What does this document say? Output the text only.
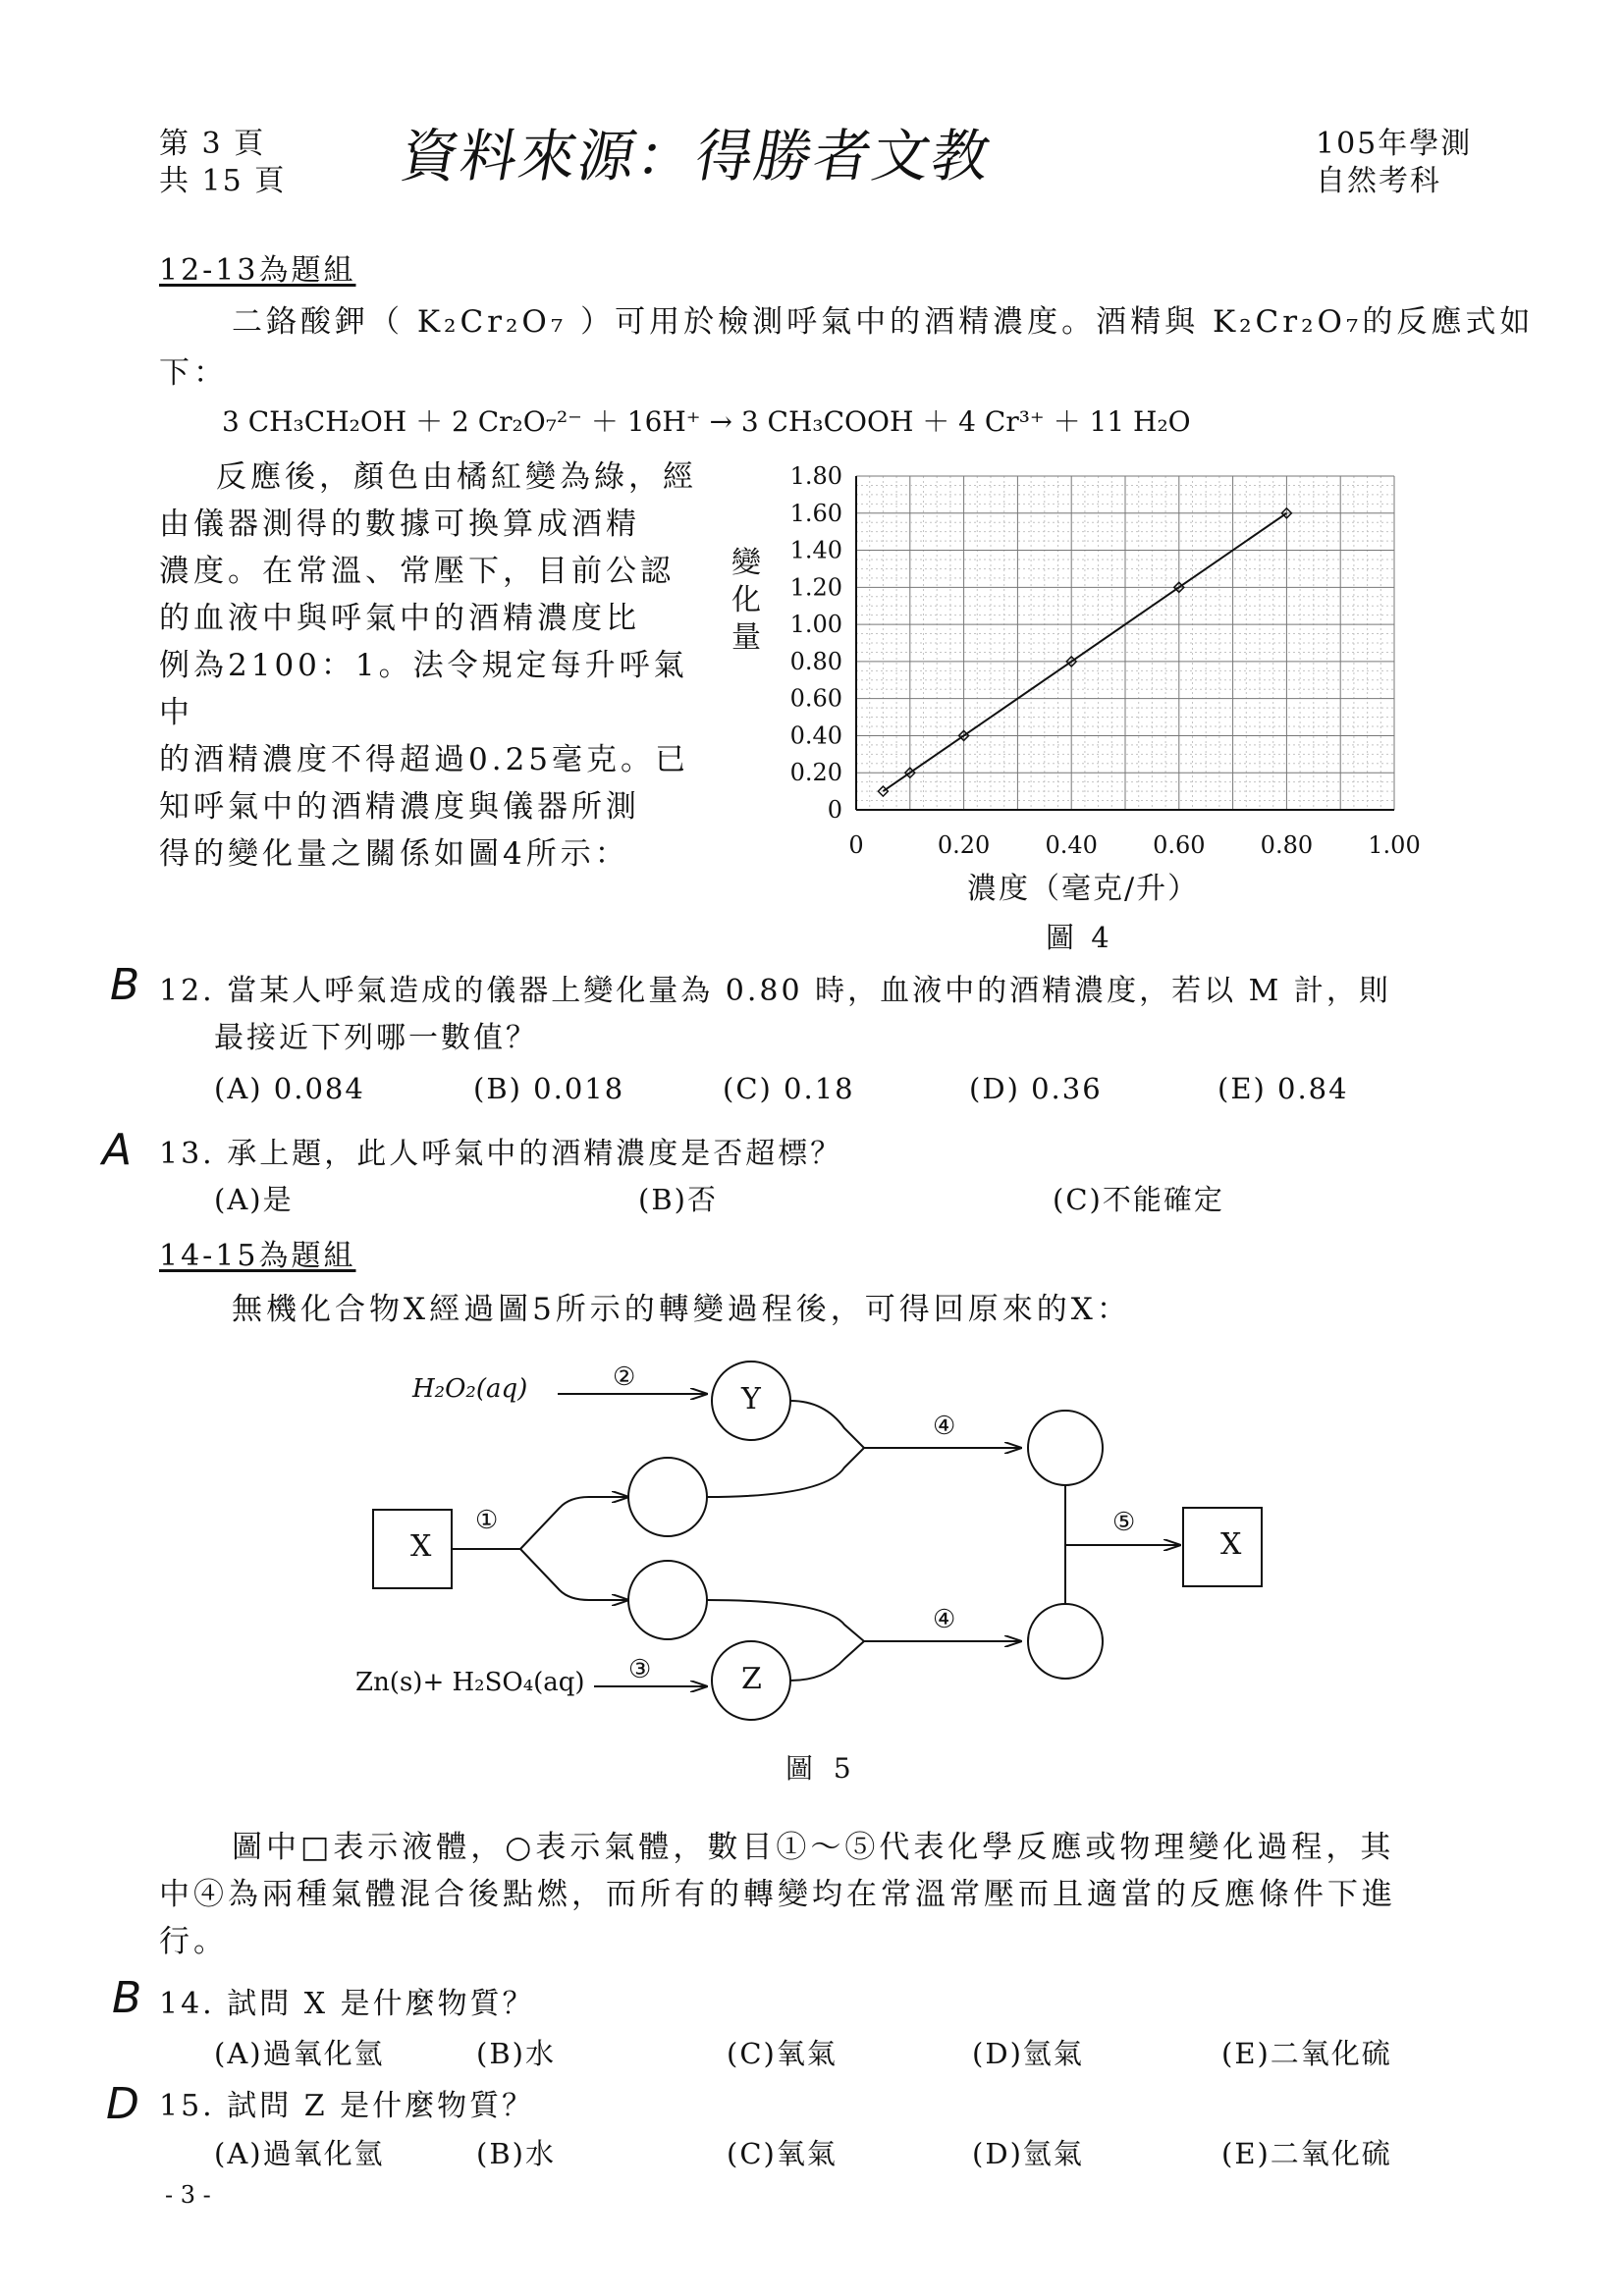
第 3 頁
共 15 頁 資料來源：得勝者文教	105年學測
自然考科
12-13為題組
二鉻酸鉀（ K₂Cr₂O₇ ）可用於檢測呼氣中的酒精濃度。酒精與 K₂Cr₂O₇的反應式如
下：
3 CH₃CH₂OH ＋ 2 Cr₂O₇²⁻ ＋ 16H⁺ → 3 CH₃COOH ＋ 4 Cr³⁺ ＋ 11 H₂O
反應後，顏色由橘紅變為綠，經
由儀器測得的數據可換算成酒精
濃度。在常溫、常壓下，目前公認
的血液中與呼氣中的酒精濃度比
例為2100：1。法令規定每升呼氣中
的酒精濃度不得超過0.25毫克。已
知呼氣中的酒精濃度與儀器所測
得的變化量之關係如圖4所示：
變化量
0
0.20
0.40
0.60
0.80
1.00
1.20
1.40
1.60
1.80
0	0.20 0.40 0.60 0.80 1.00
濃度（毫克/升）
圖 4
B 12. 當某人呼氣造成的儀器上變化量為 0.80 時，血液中的酒精濃度，若以 M 計，則
最接近下列哪一數值？
(A) 0.084	(B) 0.018	(C) 0.18	(D) 0.36	(E) 0.84
A 13. 承上題，此人呼氣中的酒精濃度是否超標？
(A)是	(B)否	(C)不能確定
14-15為題組
無機化合物X經過圖5所示的轉變過程後，可得回原來的X：
X	X
Y
Z
H₂O₂(aq)
Zn(s)+ H₂SO₄(aq)
①
②
③
④
④
⑤
圖 5
圖中□表示液體，○表示氣體，數目①～⑤代表化學反應或物理變化過程，其
中④為兩種氣體混合後點燃，而所有的轉變均在常溫常壓而且適當的反應條件下進
行。
B 14. 試問 X 是什麼物質？
(A)過氧化氫	(B)水	(C)氧氣	(D)氫氣	(E)二氧化硫
D 15. 試問 Z 是什麼物質？
(A)過氧化氫	(B)水	(C)氧氣	(D)氫氣	(E)二氧化硫
- 3 -
